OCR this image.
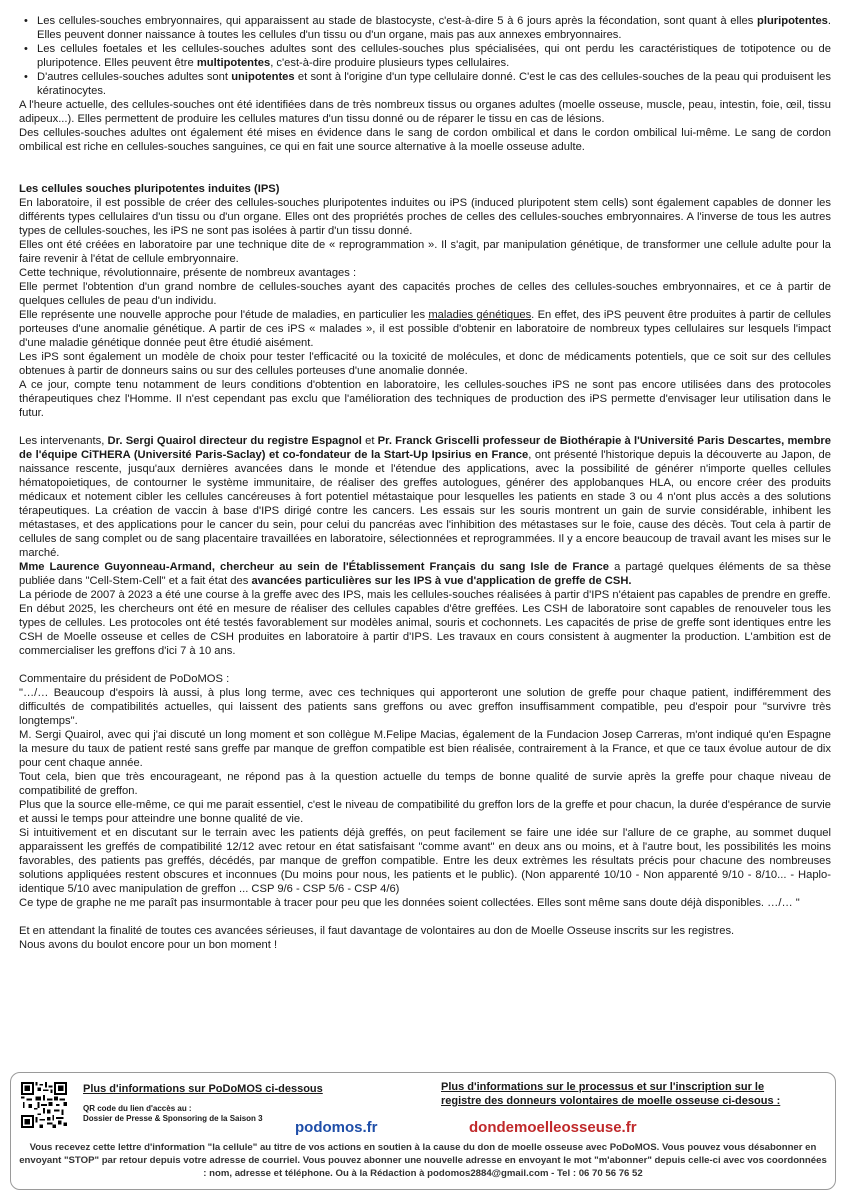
• Les cellules-souches embryonnaires, qui apparaissent au stade de blastocyste, c'est-à-dire 5 à 6 jours après la fécondation, sont quant à elles pluripotentes. Elles peuvent donner naissance à toutes les cellules d'un tissu ou d'un organe, mais pas aux annexes embryonnaires.
• Les cellules foetales et les cellules-souches adultes sont des cellules-souches plus spécialisées, qui ont perdu les caractéristiques de totipotence ou de pluripotence. Elles peuvent être multipotentes, c'est-à-dire produire plusieurs types cellulaires.
• D'autres cellules-souches adultes sont unipotentes et sont à l'origine d'un type cellulaire donné. C'est le cas des cellules-souches de la peau qui produisent les kératinocytes.

A l'heure actuelle, des cellules-souches ont été identifiées dans de très nombreux tissus ou organes adultes (moelle osseuse, muscle, peau, intestin, foie, œil, tissu adipeux...). Elles permettent de produire les cellules matures d'un tissu donné ou de réparer le tissu en cas de lésions.

Des cellules-souches adultes ont également été mises en évidence dans le sang de cordon ombilical et dans le cordon ombilical lui-même. Le sang de cordon ombilical est riche en cellules-souches sanguines, ce qui en fait une source alternative à la moelle osseuse adulte.

Les cellules souches pluripotentes induites (IPS)

En laboratoire, il est possible de créer des cellules-souches pluripotentes induites ou iPS (induced pluripotent stem cells) sont également capables de donner les différents types cellulaires d'un tissu ou d'un organe. Elles ont des propriétés proches de celles des cellules-souches embryonnaires. A l'inverse de tous les autres types de cellules-souches, les iPS ne sont pas isolées à partir d'un tissu donné.

Elles ont été créées en laboratoire par une technique dite de « reprogrammation ». Il s'agit, par manipulation génétique, de transformer une cellule adulte pour la faire revenir à l'état de cellule embryonnaire.

Cette technique, révolutionnaire, présente de nombreux avantages :

Elle permet l'obtention d'un grand nombre de cellules-souches ayant des capacités proches de celles des cellules-souches embryonnaires, et ce à partir de quelques cellules de peau d'un individu.

Elle représente une nouvelle approche pour l'étude de maladies, en particulier les maladies génétiques. En effet, des iPS peuvent être produites à partir de cellules porteuses d'une anomalie génétique. A partir de ces iPS « malades », il est possible d'obtenir en laboratoire de nombreux types cellulaires sur lesquels l'impact d'une maladie génétique donnée peut être étudié aisément.

Les iPS sont également un modèle de choix pour tester l'efficacité ou la toxicité de molécules, et donc de médicaments potentiels, que ce soit sur des cellules obtenues à partir de donneurs sains ou sur des cellules porteuses d'une anomalie donnée.

A ce jour, compte tenu notamment de leurs conditions d'obtention en laboratoire, les cellules-souches iPS ne sont pas encore utilisées dans des protocoles thérapeutiques chez l'Homme. Il n'est cependant pas exclu que l'amélioration des techniques de production des iPS permette d'envisager leur utilisation dans le futur.

Les intervenants, Dr. Sergi Quairol directeur du registre Espagnol et Pr. Franck Griscelli professeur de Biothérapie à l'Université Paris Descartes, membre de l'équipe CiTHERA (Université Paris-Saclay) et co-fondateur de la Start-Up Ipsirius en France, ont présenté l'historique depuis la découverte au Japon, de naissance rescente, jusqu'aux dernières avancées dans le monde et l'étendue des applications, avec la possibilité de générer n'importe quelles cellules hématopoietiques, de contourner le système immunitaire, de réaliser des greffes autologues, générer des applobanques HLA, ou encore créer des produits médicaux et notement cibler les cellules cancéreuses à fort potentiel métastaique pour lesquelles les patients en stade 3 ou 4 n'ont plus accès a des solutions térapeutiques. La création de vaccin à base d'IPS dirigé contre les cancers. Les essais sur les souris montrent un gain de survie considérable, inhibent les métastases, et des applications pour le cancer du sein, pour celui du pancréas avec l'inhibition des métastases sur le foie, cause des décès. Tout cela à partir de cellules de sang complet ou de sang placentaire travaillées en laboratoire, sélectionnées et reprogrammées. Il y a encore beaucoup de travail avant les mises sur le marché.

Mme Laurence Guyonneau-Armand, chercheur au sein de l'Établissement Français du sang Isle de France a partagé quelques éléments de sa thèse publiée dans "Cell-Stem-Cell" et a fait état des avancées particulières sur les IPS à vue d'application de greffe de CSH.

La période de 2007 à 2023 a été une course à la greffe avec des IPS, mais les cellules-souches réalisées à partir d'IPS n'étaient pas capables de prendre en greffe.

En début 2025, les chercheurs ont été en mesure de réaliser des cellules capables d'être greffées. Les CSH de laboratoire sont capables de renouveler tous les types de cellules. Les protocoles ont été testés favorablement sur modèles animal, souris et cochonnets. Les capacités de prise de greffe sont identiques entre les CSH de Moelle osseuse et celles de CSH produites en laboratoire à partir d'IPS. Les travaux en cours consistent à augmenter la production. L'ambition est de commercialiser les greffons d'ici 7 à 10 ans.

Commentaire du président de PoDoMOS :

"…/… Beaucoup d'espoirs là aussi, à plus long terme, avec ces techniques qui apporteront une solution de greffe pour chaque patient, indifféremment des difficultés de compatibilités actuelles, qui laissent des patients sans greffons ou avec greffon insuffisamment compatible, peu d'espoir pour "survivre très longtemps".

M. Sergi Quairol, avec qui j'ai discuté un long moment et son collègue M.Felipe Macias, également de la Fundacion Josep Carreras, m'ont indiqué qu'en Espagne la mesure du taux de patient resté sans greffe par manque de greffon compatible est bien réalisée, contrairement à la France, et que ce taux évolue autour de dix pour cent chaque année.

Tout cela, bien que très encourageant, ne répond pas à la question actuelle du temps de bonne qualité de survie après la greffe pour chaque niveau de compatibilité de greffon.

Plus que la source elle-même, ce qui me parait essentiel, c'est le niveau de compatibilité du greffon lors de la greffe et pour chacun, la durée d'espérance de survie et aussi le temps pour atteindre une bonne qualité de vie.

Si intuitivement et en discutant sur le terrain avec les patients déjà greffés, on peut facilement se faire une idée sur l'allure de ce graphe, au sommet duquel apparaissent les greffés de compatibilité 12/12 avec retour en état satisfaisant "comme avant" en deux ans ou moins, et à l'autre bout, les possibilités les moins favorables, des patients pas greffés, décédés, par manque de greffon compatible. Entre les deux extrèmes les résultats précis pour chacune des nombreuses solutions appliquées restent obscures et inconnues (Du moins pour nous, les patients et le public). (Non apparenté 10/10 - Non apparenté 9/10 - 8/10... - Haplo-identique 5/10 avec manipulation de greffon ... CSP 9/6 - CSP 5/6 - CSP 4/6)

Ce type de graphe ne me paraît pas insurmontable à tracer pour peu que les données soient collectées. Elles sont même sans doute déjà disponibles. …/… "

Et en attendant la finalité de toutes ces avancées sérieuses, il faut davantage de volontaires au don de Moelle Osseuse inscrits sur les registres.

Nous avons du boulot encore pour un bon moment !

Plus d'informations sur PoDoMOS ci-dessous
QR code du lien d'accès au :
Dossier de Presse & Sponsoring de la Saison 3
Plus d'informations sur le processus et sur l'inscription sur le registre des donneurs volontaires de moelle osseuse ci-desous :
podomos.fr	dondemoelleosseuse.fr
Vous recevez cette lettre d'information "la cellule" au titre de vos actions en soutien à la cause du don de moelle osseuse avec PoDoMOS. Vous pouvez vous désabonner en envoyant "STOP" par retour depuis votre adresse de courriel. Vous pouvez abonner une nouvelle adresse en envoyant le mot "m'abonner" depuis celle-ci avec vos coordonnées : nom, adresse et téléphone. Ou à la Rédaction à podomos2884@gmail.com - Tel : 06 70 56 76 52
